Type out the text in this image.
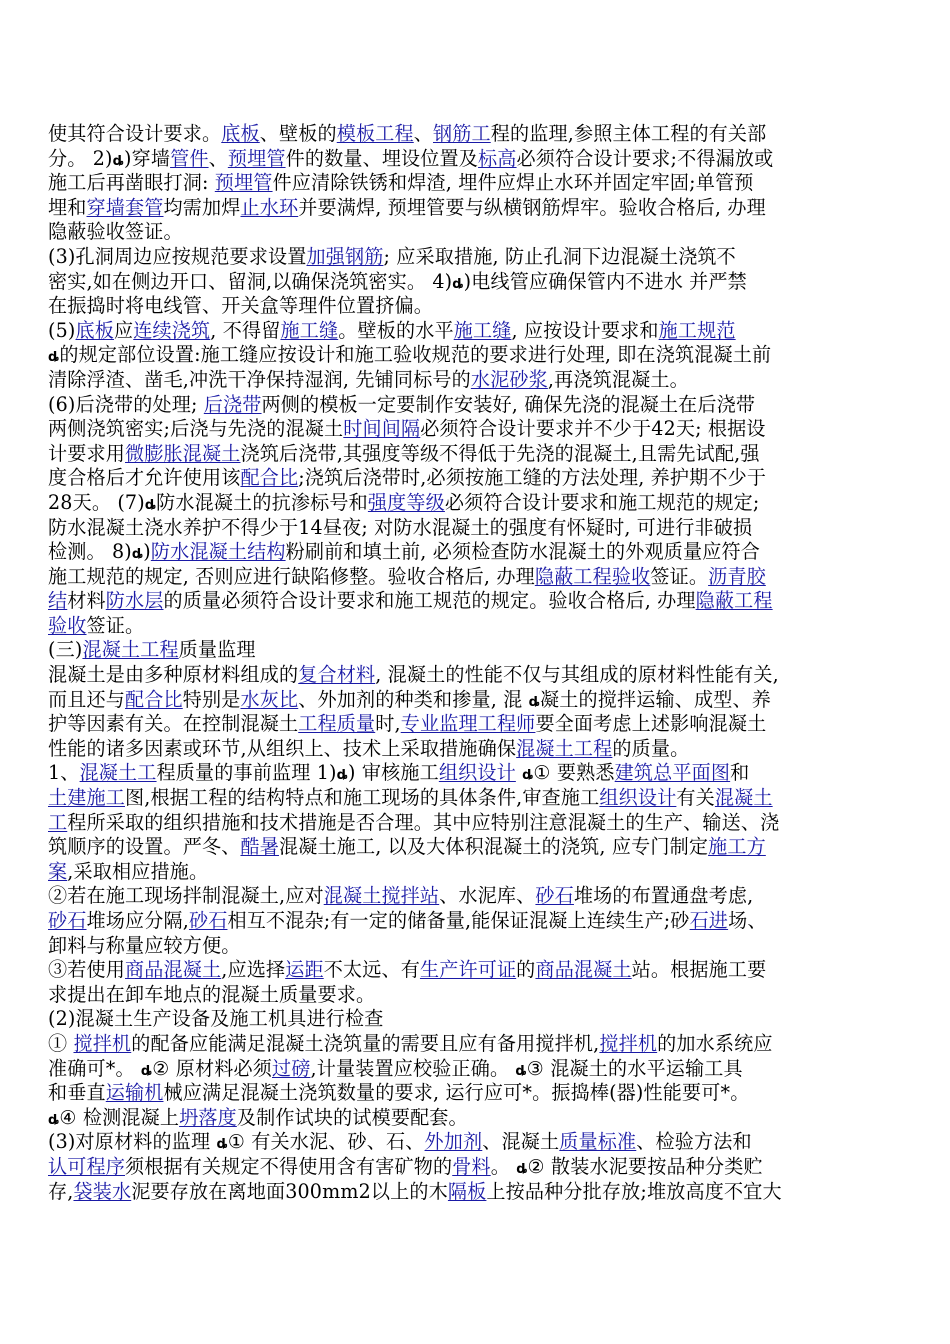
使其符合设计要求。底板、壁板的模板工程、钢筋工程的监理,参照主体工程的有关部
分。 2)ȡ)穿墙管件、预埋管件的数量、埋设位置及标高必须符合设计要求;不得漏放或
施工后再凿眼打洞: 预埋管件应清除铁锈和焊渣, 埋件应焊止水环并固定牢固;单管预
埋和穿墙套管均需加焊止水环并要满焊, 预埋管要与纵横钢筋焊牢。验收合格后, 办理
隐蔽验收签证。
(3)孔洞周边应按规范要求设置加强钢筋; 应采取措施, 防止孔洞下边混凝土浇筑不
密实,如在侧边开口、留洞,以确保浇筑密实。 4)ȡ)电线管应确保管内不进水 并严禁
在振捣时将电线管、开关盒等理件位置挤偏。
(5)底板应连续浇筑, 不得留施工缝。壁板的水平施工缝, 应按设计要求和施工规范
ȡ的规定部位设置:施工缝应按设计和施工验收规范的要求进行处理, 即在浇筑混凝土前
清除浮渣、凿毛,冲洗干净保持湿润, 先铺同标号的水泥砂浆,再浇筑混凝土。
(6)后浇带的处理; 后浇带两侧的模板一定要制作安装好, 确保先浇的混凝土在后浇带
两侧浇筑密实;后浇与先浇的混凝土时间间隔必须符合设计要求并不少于42天; 根据设
计要求用微膨胀混凝土浇筑后浇带,其强度等级不得低于先浇的混凝土,且需先试配,强
度合格后才允许使用该配合比;浇筑后浇带时,必须按施工缝的方法处理, 养护期不少于
28天。 (7)ȡ防水混凝土的抗渗标号和强度等级必须符合设计要求和施工规范的规定;
防水混凝土浇水养护不得少于14昼夜; 对防水混凝土的强度有怀疑时, 可进行非破损
检测。 8)ȡ)防水混凝土结构粉刷前和填土前, 必须检查防水混凝土的外观质量应符合
施工规范的规定, 否则应进行缺陷修整。验收合格后, 办理隐蔽工程验收签证。沥青胶
结材料防水层的质量必须符合设计要求和施工规范的规定。验收合格后, 办理隐蔽工程
验收签证。
(三)混凝土工程质量监理
混凝土是由多种原材料组成的复合材料, 混凝土的性能不仅与其组成的原材料性能有关,
而且还与配合比特别是水灰比、外加剂的种类和掺量, 混 ȡ凝土的搅拌运输、成型、养
护等因素有关。在控制混凝土工程质量时,专业监理工程师要全面考虑上述影响混凝土
性能的诸多因素或环节,从组织上、技术上采取措施确保混凝土工程的质量。
1、混凝土工程质量的事前监理 1)ȡ) 审核施工组织设计 ȡ① 要熟悉建筑总平面图和
土建施工图,根据工程的结构特点和施工现场的具体条件,审查施工组织设计有关混凝土
工程所采取的组织措施和技术措施是否合理。其中应特别注意混凝土的生产、输送、浇
筑顺序的设置。严冬、酷暑混凝土施工, 以及大体积混凝土的浇筑, 应专门制定施工方
案,采取相应措施。
②若在施工现场拌制混凝土,应对混凝土搅拌站、水泥库、砂石堆场的布置通盘考虑,
砂石堆场应分隔,砂石相互不混杂;有一定的储备量,能保证混凝上连续生产;砂石进场、
卸料与称量应较方便。
③若使用商品混凝土,应选择运距不太远、有生产许可证的商品混凝土站。根据施工要
求提出在卸车地点的混凝土质量要求。
(2)混凝土生产设备及施工机具进行检查
① 搅拌机的配备应能满足混凝土浇筑量的需要且应有备用搅拌机,搅拌机的加水系统应
准确可*。 ȡ② 原材料必须过磅,计量装置应校验正确。 ȡ③ 混凝土的水平运输工具
和垂直运输机械应满足混凝土浇筑数量的要求, 运行应可*。振捣棒(器)性能要可*。
ȡ④ 检测混凝上坍落度及制作试块的试模要配套。
(3)对原材料的监理 ȡ① 有关水泥、砂、石、外加剂、混凝土质量标准、检验方法和
认可程序须根据有关规定不得使用含有害矿物的骨料。 ȡ② 散装水泥要按品种分类贮
存,袋装水泥要存放在离地面300mm2以上的木隔板上按品种分批存放;堆放高度不宜大
